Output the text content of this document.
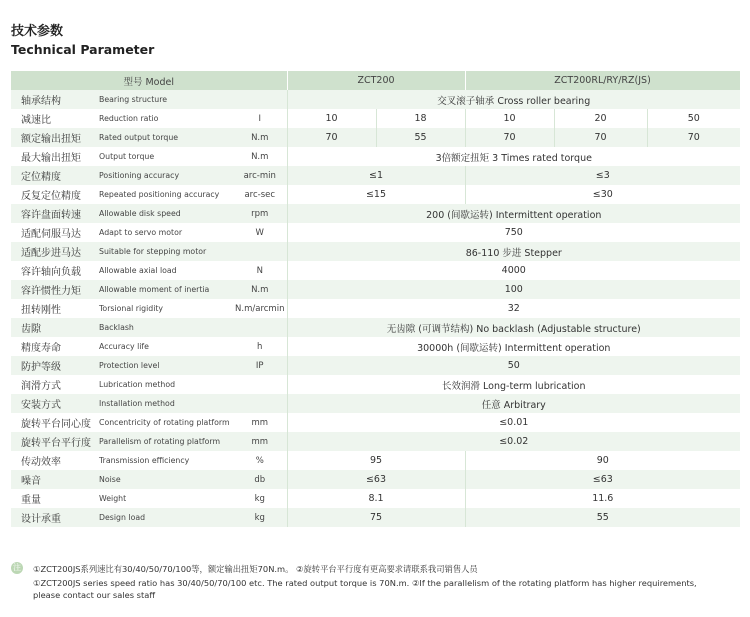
技术参数
Technical Parameter
型号 Model			ZCT200		ZCT200RL/RY/RZ(JS)		
轴承结构	Bearing structure		交叉滚子轴承 Cross roller bearing				
减速比	Reduction ratio	I	10	18	10	20	50
额定输出扭矩	Rated output torque	N.m	70	55	70	70	70
最大输出扭矩	Output torque	N.m	3倍额定扭矩 3 Times rated torque				
定位精度	Positioning accuracy	arc-min	≤1		≤3		
反复定位精度	Repeated positioning accuracy	arc-sec	≤15		≤30		
容许盘面转速	Allowable disk speed	rpm	200 (间歇运转) Intermittent operation				
适配伺服马达	Adapt to servo motor	W	750				
适配步进马达	Suitable for stepping motor		86-110 步进 Stepper				
容许轴向负载	Allowable axial load	N	4000				
容许惯性力矩	Allowable moment of inertia	N.m	100				
扭转刚性	Torsional rigidity	N.m/arcmin	32				
齿隙	Backlash		无齿隙 (可调节结构) No backlash (Adjustable structure)				
精度寿命	Accuracy life	h	30000h (间歇运转) Intermittent operation				
防护等级	Protection level	IP	50				
润滑方式	Lubrication method		长效润滑 Long-term lubrication				
安装方式	Installation method		任意 Arbitrary				
旋转平台同心度	Concentricity of rotating platform	mm	≤0.01				
旋转平台平行度	Parallelism of rotating platform	mm	≤0.02				
传动效率	Transmission efficiency	%	95		90		
噪音	Noise	db	≤63		≤63		
重量	Weight	kg	8.1		11.6		
设计承重	Design load	kg	75		55		
注 ①ZCT200JS系列速比有30/40/50/70/100等，额定输出扭矩70N.m。 ②旋转平台平行度有更高要求请联系我司销售人员
①ZCT200JS series speed ratio has 30/40/50/70/100 etc. The rated output torque is 70N.m. ②If the parallelism of the rotating platform has higher requirements,
please contact our sales staff
